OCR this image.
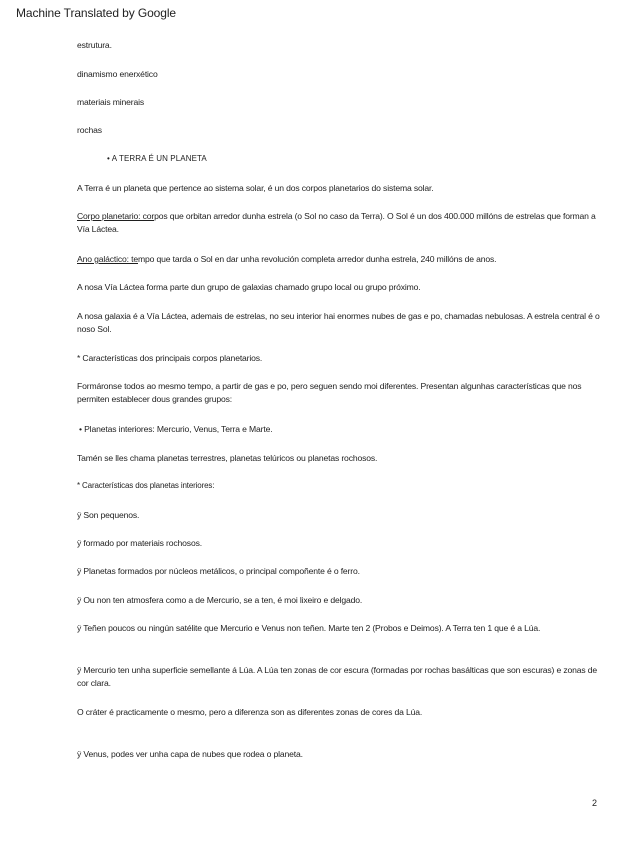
Machine Translated by Google
estrutura.
dinamismo enerxético
materiais minerais
rochas
• A TERRA É UN PLANETA
A Terra é un planeta que pertence ao sistema solar, é un dos corpos planetarios do sistema solar.
Corpo planetario: corpos que orbitan arredor dunha estrela (o Sol no caso da Terra). O Sol é un dos 400.000 millóns de estrelas que forman a Vía Láctea.
Ano galáctico: tempo que tarda o Sol en dar unha revolución completa arredor dunha estrela, 240 millóns de anos.
A nosa Vía Láctea forma parte dun grupo de galaxias chamado grupo local ou grupo próximo.
A nosa galaxia é a Vía Láctea, ademais de estrelas, no seu interior hai enormes nubes de gas e po, chamadas nebulosas. A estrela central é o noso Sol.
* Características dos principais corpos planetarios.
Formáronse todos ao mesmo tempo, a partir de gas e po, pero seguen sendo moi diferentes. Presentan algunhas características que nos permiten establecer dous grandes grupos:
• Planetas interiores: Mercurio, Venus, Terra e Marte.
Tamén se lles chama planetas terrestres, planetas telúricos ou planetas rochosos.
* Características dos planetas interiores:
ÿ Son pequenos.
ÿ formado por materiais rochosos.
ÿ Planetas formados por núcleos metálicos, o principal compoñente é o ferro.
ÿ Ou non ten atmosfera como a de Mercurio, se a ten, é moi lixeiro e delgado.
ÿ Teñen poucos ou ningún satélite que Mercurio e Venus non teñen. Marte ten 2 (Probos e Deimos). A Terra ten 1 que é a Lúa.
ÿ Mercurio ten unha superficie semellante á Lúa. A Lúa ten zonas de cor escura (formadas por rochas basálticas que son escuras) e zonas de cor clara.
O cráter é practicamente o mesmo, pero a diferenza son as diferentes zonas de cores da Lúa.
ÿ Venus, podes ver unha capa de nubes que rodea o planeta.
2
